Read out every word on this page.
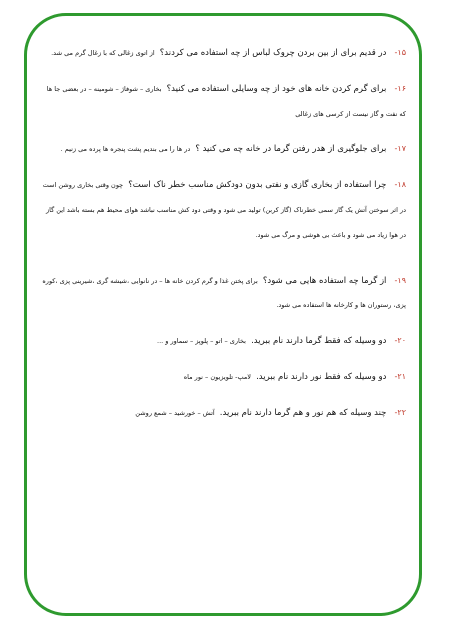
۱۵- در قدیم برای از بین بردن چروک لباس از چه استفاده می کردند؟ از اتوی زغالی که با زغال گرم می شد.
۱۶- برای گرم کردن خانه های خود از چه وسایلی استفاده می کنید؟ بخاری – شوفاژ – شومینه – در بعضی جا ها که نفت و گاز نیست از کرسی های زغالی
۱۷- برای جلوگیری از هدر رفتن گرما در خانه چه می کنید ؟ در ها را می بندیم پشت پنجره ها پرده می زنیم .
۱۸- چرا استفاده از بخاری گازی و نفتی بدون دودکش مناسب خطر ناک است؟ چون وقتی بخاری روشن است در اثر سوختن آتش یک گاز سمی خطرناک (گاز کربن) تولید می شود و وقتی دود کش مناسب نباشد هوای محیط هم بسته باشد این گاز در هوا زیاد می شود و باعث بی هوشی و مرگ می شود.
۱۹- از گرما چه استفاده هایی می شود؟ برای پختن غذا و گرم کردن خانه ها – در نانوایی ،شیشه گری ،شیرینی پزی ،کوره پزی، رستوران ها و کارخانه ها استفاده می شود.
۲۰- دو وسیله که فقط گرما دارند نام ببرید. بخاری – اتو – پلوپز – سماور و ...
۲۱- دو وسیله که فقط نور دارند نام ببرید. لامپ- تلویزیون – نور ماه
۲۲- چند وسیله که هم نور و هم گرما دارند نام ببرید. آتش – خورشید – شمع روشن
